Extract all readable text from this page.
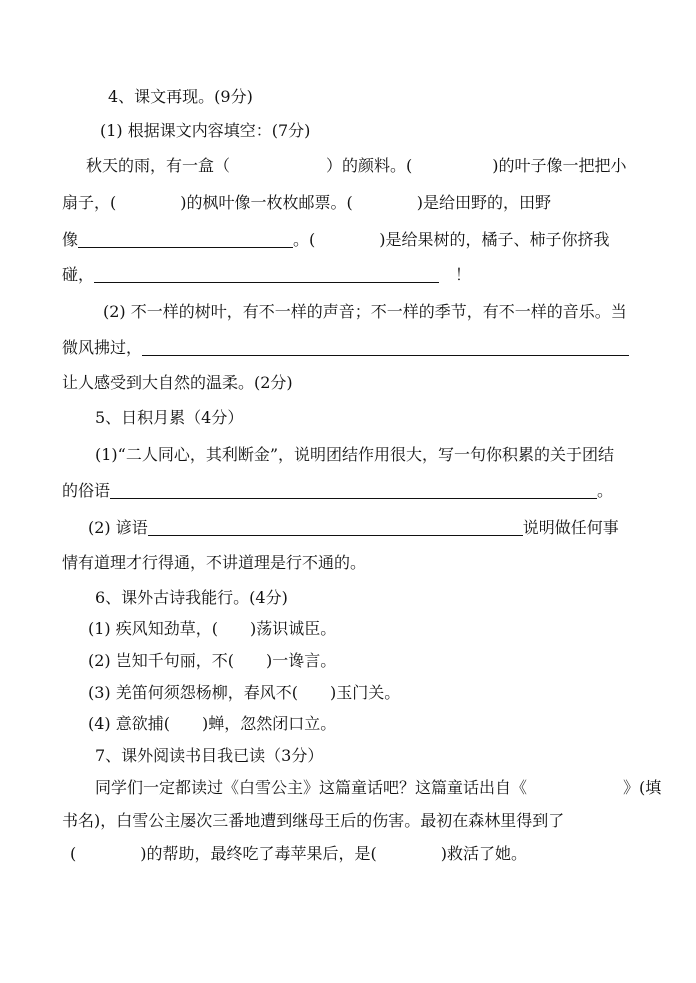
4、课文再现。(9分)
(1) 根据课文内容填空：(7分)
秋天的雨，有一盒（　　　　　　）的颜料。(　　　　　)的叶子像一把把小
扇子，(　　　　)的枫叶像一枚枚邮票。(　　　　)是给田野的，田野
像	。(　　　　)是给果树的，橘子、柿子你挤我
碰，　	！
(2) 不一样的树叶，有不一样的声音；不一样的季节，有不一样的音乐。当
微风拂过，
让人感受到大自然的温柔。(2分)
5、日积月累（4分）
(1)“二人同心，其利断金”，说明团结作用很大，写一句你积累的关于团结
的俗语	。
(2) 谚语	说明做任何事
情有道理才行得通，不讲道理是行不通的。
6、课外古诗我能行。(4分)
(1) 疾风知劲草，(　　)荡识诚臣。
(2) 岂知千句丽，不(　　)一谗言。
(3) 羌笛何须怨杨柳，春风不(　　)玉门关。
(4) 意欲捕(　　)蝉，忽然闭口立。
7、课外阅读书目我已读（3分）
同学们一定都读过《白雪公主》这篇童话吧？这篇童话出自《　　　　　　》(填
书名)，白雪公主屡次三番地遭到继母王后的伤害。最初在森林里得到了
(　　　　)的帮助，最终吃了毒苹果后，是(　　　　)救活了她。
